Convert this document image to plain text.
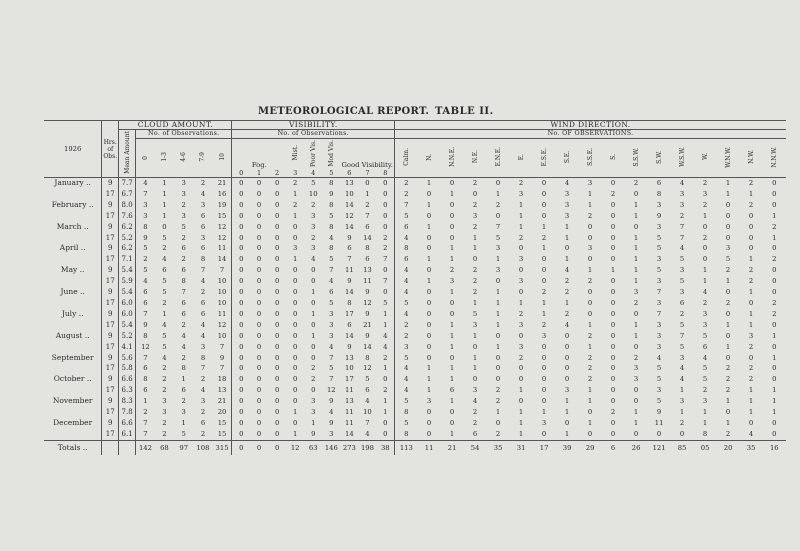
METEOROLOGICAL REPORT. TABLE II.
1926	Hrs. of Obs.	CLOUD AMOUNT.						VISIBILITY.									WIND DIRECTION.																
		Mean Amount	No. of Observations.					No. of Observations.									No. OF OBSERVATIONS.																
			0	1-3	4-6	7-9	10	Fog.			Mist.	Poor Vis.	Mod Vis.	Good Visibility.			Calm.	N.	N.N.E.	N.E.	E.N.E.	E.	E.S.E.	S.E.	S.S.E.	S.	S.S.W.	S.W.	W.S.W.	W.	W.N.W.	N.W.	N.N.W.
								0	1	2	3	4	5	6	7	8																	
January ..	9	7.7	4	1	3	2	21	0	0	0	2	5	8	13	0	0	2	1	0	2	0	2	0	4	3	0	2	6	4	2	1	2	0
	17	6.7	7	1	3	4	16	0	0	0	1	10	9	10	1	0	2	0	1	0	1	3	0	3	1	2	0	8	3	3	1	1	0
February ..	9	8.0	3	1	2	3	19	0	0	0	2	2	8	14	2	0	7	1	0	2	2	1	0	3	1	0	1	3	3	2	0	2	0
	17	7.6	3	1	3	6	15	0	0	0	1	3	5	12	7	0	5	0	0	3	0	1	0	3	2	0	1	9	2	1	0	0	1
March ..	9	6.2	8	0	5	6	12	0	0	0	0	3	8	14	6	0	6	1	0	2	7	1	1	1	0	0	0	3	7	0	0	0	2
	17	5.2	9	5	2	3	12	0	0	0	0	2	4	9	14	2	4	0	0	1	5	2	2	1	0	0	1	5	7	2	0	0	1
April ..	9	6.2	5	2	6	6	11	0	0	0	3	3	8	6	8	2	8	0	1	1	3	0	1	0	3	0	1	5	4	0	3	0	0
	17	7.1	2	4	2	8	14	0	0	0	1	4	5	7	6	7	6	1	1	0	1	3	0	1	0	0	1	3	5	0	5	1	2
May ..	9	5.4	5	6	6	7	7	0	0	0	0	0	7	11	13	0	4	0	2	2	3	0	0	4	1	1	1	5	3	1	2	2	0
	17	5.9	4	5	8	4	10	0	0	0	0	0	4	9	11	7	4	1	3	2	0	3	0	2	2	0	1	3	5	1	1	2	0
June ..	9	5.4	6	5	7	2	10	0	0	0	0	1	6	14	9	0	4	0	1	2	1	0	2	2	0	0	3	7	3	4	0	1	0
	17	6.0	6	2	6	6	10	0	0	0	0	0	5	8	12	5	5	0	0	1	1	1	1	1	0	0	2	3	6	2	2	0	2
July ..	9	6.0	7	1	6	6	11	0	0	0	0	1	3	17	9	1	4	0	0	5	1	2	1	2	0	0	0	7	2	3	0	1	2
	17	5.4	9	4	2	4	12	0	0	0	0	0	3	6	21	1	2	0	1	3	1	3	2	4	1	0	1	3	5	3	1	1	0
August ..	9	5.2	8	5	4	4	10	0	0	0	0	1	3	14	9	4	2	0	1	1	0	0	3	0	2	0	1	3	7	5	0	3	1
	17	4.1	12	5	4	3	7	0	0	0	0	0	4	9	14	4	3	0	1	0	1	3	0	0	1	0	0	3	5	6	1	2	0
September	9	5.6	7	4	2	8	9	0	0	0	0	0	7	13	8	2	5	0	0	1	0	2	0	0	2	0	2	4	3	4	0	0	1
	17	5.8	6	2	8	7	7	0	0	0	0	2	5	10	12	1	4	1	1	1	0	0	0	0	2	0	3	5	4	5	2	2	0
October ..	9	6.6	8	2	1	2	18	0	0	0	0	2	7	17	5	0	4	1	1	0	0	0	0	0	2	0	3	5	4	5	2	2	0
	17	6.3	6	2	6	4	13	0	0	0	0	0	12	11	6	2	4	1	6	3	2	1	0	3	1	0	0	3	1	2	2	1	1
November	9	8.3	1	3	2	3	21	0	0	0	0	3	9	13	4	1	5	3	1	4	2	0	0	1	1	0	0	5	3	3	1	1	1
	17	7.8	2	3	3	2	20	0	0	0	1	3	4	11	10	1	8	0	0	2	1	1	1	1	0	2	1	9	1	1	0	1	1
December	9	6.6	7	2	1	6	15	0	0	0	0	1	9	11	7	0	5	0	0	2	0	1	3	0	1	0	1	11	2	1	1	0	0
	17	6.1	7	2	5	2	15	0	0	0	1	9	3	14	4	0	8	0	1	6	2	1	0	1	0	0	0	0	0	8	2	4	0
Totals ..			142	68	97	108	315	0	0	0	12	63	146	273	198	38	113	11	21	54	35	31	17	39	29	6	26	121	85	05	20	35	16
